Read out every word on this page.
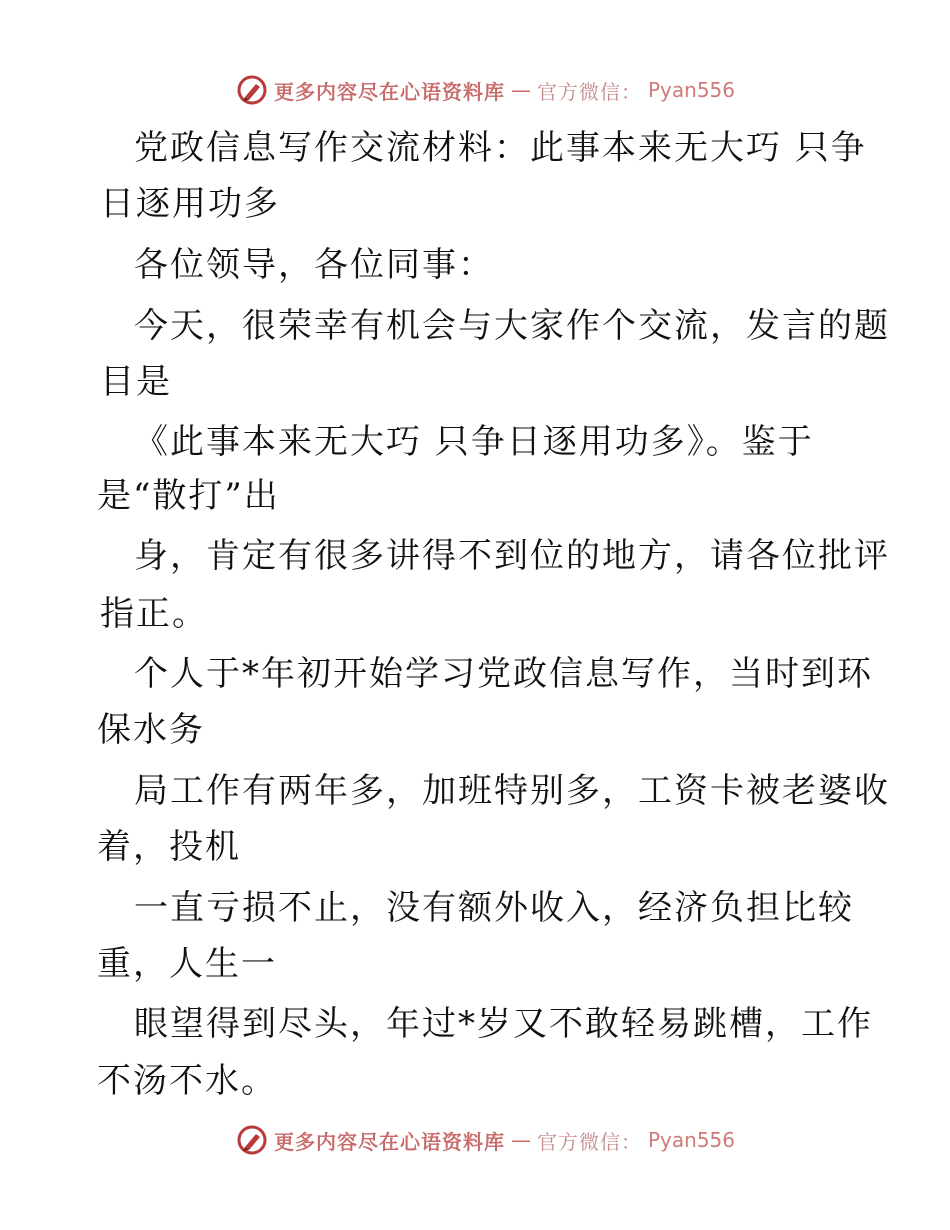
更多内容尽在心语资料库 — 官方微信： Pyan556
党政信息写作交流材料：此事本来无大巧 只争
日逐用功多
各位领导，各位同事：
今天，很荣幸有机会与大家作个交流，发言的题
目是
《此事本来无大巧 只争日逐用功多》。鉴于
是“散打”出
身，肯定有很多讲得不到位的地方，请各位批评
指正。
个人于*年初开始学习党政信息写作，当时到环
保水务
局工作有两年多，加班特别多，工资卡被老婆收
着，投机
一直亏损不止，没有额外收入，经济负担比较
重，人生一
眼望得到尽头，年过*岁又不敢轻易跳槽，工作
不汤不水。
更多内容尽在心语资料库 — 官方微信： Pyan556
